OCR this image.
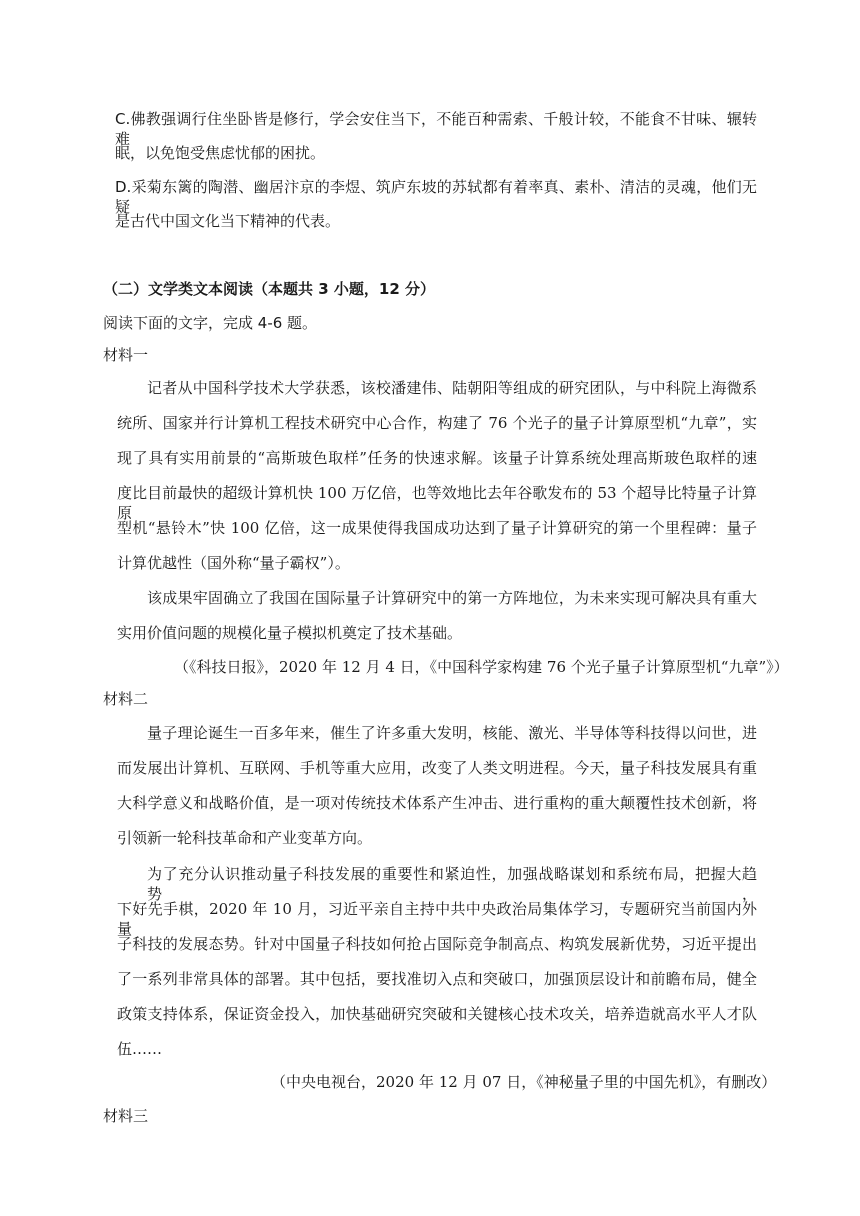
C.佛教强调行住坐卧皆是修行，学会安住当下，不能百种需索、千般计较，不能食不甘味、辗转难
眠，以免饱受焦虑忧郁的困扰。
D.采菊东篱的陶潜、幽居汴京的李煜、筑庐东坡的苏轼都有着率真、素朴、清洁的灵魂，他们无疑
是古代中国文化当下精神的代表。
（二）文学类文本阅读（本题共 3 小题，12 分）
阅读下面的文字，完成 4-6 题。
材料一
记者从中国科学技术大学获悉，该校潘建伟、陆朝阳等组成的研究团队，与中科院上海微系
统所、国家并行计算机工程技术研究中心合作，构建了 76 个光子的量子计算原型机“九章”，实
现了具有实用前景的“高斯玻色取样”任务的快速求解。该量子计算系统处理高斯玻色取样的速
度比目前最快的超级计算机快 100 万亿倍，也等效地比去年谷歌发布的 53 个超导比特量子计算原
型机“悬铃木”快 100 亿倍，这一成果使得我国成功达到了量子计算研究的第一个里程碑：量子
计算优越性（国外称“量子霸权”）。
该成果牢固确立了我国在国际量子计算研究中的第一方阵地位，为未来实现可解决具有重大
实用价值问题的规模化量子模拟机奠定了技术基础。
（《科技日报》，2020 年 12 月 4 日，《中国科学家构建 76 个光子量子计算原型机“九章”》）
材料二
量子理论诞生一百多年来，催生了许多重大发明，核能、激光、半导体等科技得以问世，进
而发展出计算机、互联网、手机等重大应用，改变了人类文明进程。今天，量子科技发展具有重
大科学意义和战略价值，是一项对传统技术体系产生冲击、进行重构的重大颠覆性技术创新，将
引领新一轮科技革命和产业变革方向。
为了充分认识推动量子科技发展的重要性和紧迫性，加强战略谋划和系统布局，把握大趋势，
下好先手棋，2020 年 10 月，习近平亲自主持中共中央政治局集体学习，专题研究当前国内外量
子科技的发展态势。针对中国量子科技如何抢占国际竞争制高点、构筑发展新优势，习近平提出
了一系列非常具体的部署。其中包括，要找准切入点和突破口，加强顶层设计和前瞻布局，健全
政策支持体系，保证资金投入，加快基础研究突破和关键核心技术攻关，培养造就高水平人才队
伍……
（中央电视台，2020 年 12 月 07 日，《神秘量子里的中国先机》，有删改）
材料三
